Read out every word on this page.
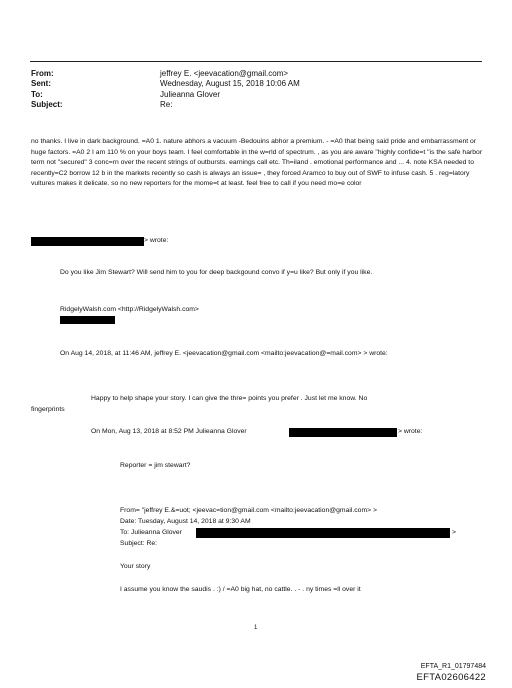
From:	jeffrey E. <jeevacation@gmail.com>
Sent:	Wednesday, August 15, 2018 10:06 AM
To:	Julieanna Glover
Subject:	Re:

no thanks. I live in dark background. =A0 1. nature abhors a vacuum -Bedouins abhor a premium. - =A0 that being said pride and embarrassment or huge factors. =A0 2 I am 110 % on your boys team. I feel comfortable in the w=rld of spectrum. , as you are aware "highly confide=t "is the safe harbor term not "secured" 3 conc=rn over the recent strings of outbursts. earnings call etc. Th=iland . emotional performance and ... 4. note KSA needed to recently=C2 borrow 12 b in the markets recently so cash is always an issue= , they forced Aramco to buy out of SWF to infuse cash. 5 . reg=latory vultures makes it delicate. so no new reporters for the mome=t at least. feel free to call if you need mo=e color

> wrote:
Do you like Jim Stewart? Will send him to you for deep backgound convo if y=u like? But only if you like.
RidgelyWalsh.com <http://RidgelyWalsh.com>
On Aug 14, 2018, at 11:46 AM, jeffrey E. <jeevacation@gmail.com <mailto:jeevacation@=mail.com> > wrote:
Happy to help shape your story. I can give the thre= points you prefer . Just let me know. No
fingerprints
On Mon, Aug 13, 2018 at 8:52 PM Julieanna Glover	> wrote:
Reporter = jim stewart?
From= "jeffrey E.&=uot; <jeevac=tion@gmail.com <mailto:jeevacation@gmail.com> >
Date: Tuesday, August 14, 2018 at 9:30 AM
To: Julieanna Glover	>
Subject: Re:
Your story
I assume you know the saudis . :) / =A0 big hat, no cattle. . - . ny times =ll over it
1
EFTA_R1_01797484
EFTA02606422
